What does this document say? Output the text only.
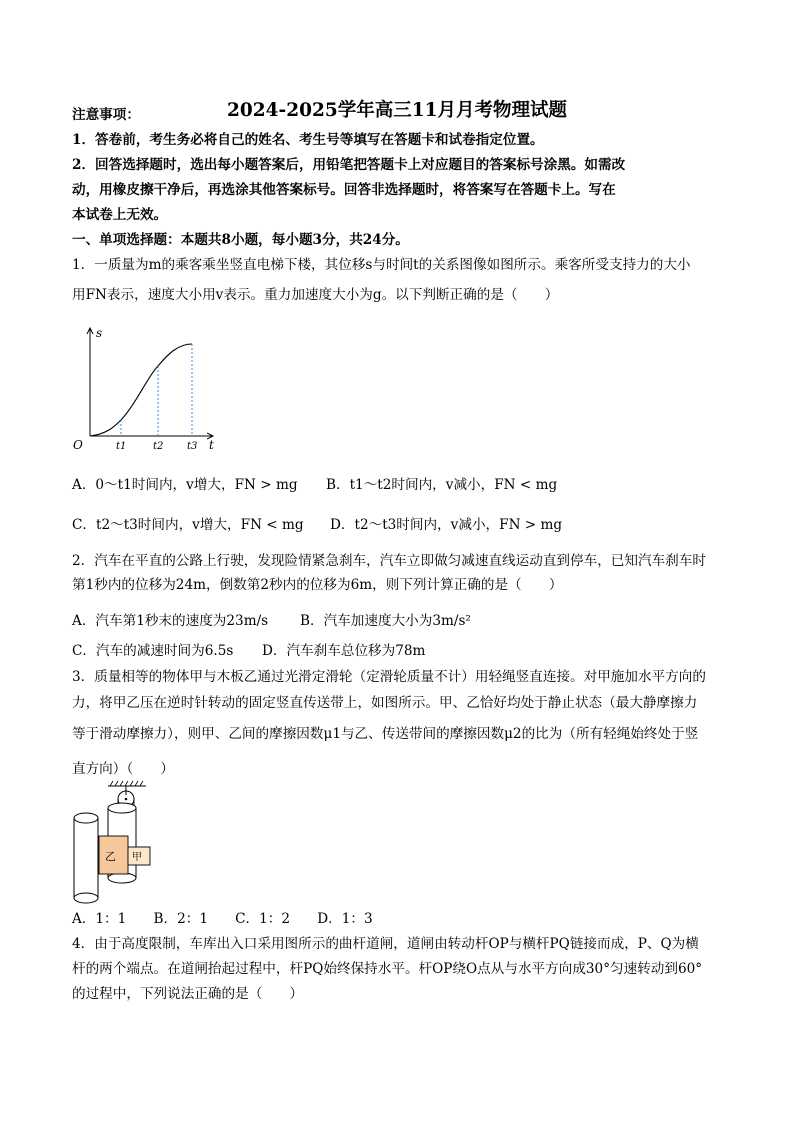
2024-2025学年高三11月月考物理试题
注意事项：
1．答卷前，考生务必将自己的姓名、考生号等填写在答题卡和试卷指定位置。
2．回答选择题时，选出每小题答案后，用铅笔把答题卡上对应题目的答案标号涂黑。如需改
动，用橡皮擦干净后，再选涂其他答案标号。回答非选择题时，将答案写在答题卡上。写在
本试卷上无效。
一、单项选择题：本题共8小题，每小题3分，共24分。
1．一质量为m的乘客乘坐竖直电梯下楼，其位移s与时间t的关系图像如图所示。乘客所受支持力的大小
用FN表示，速度大小用v表示。重力加速度大小为g。以下判断正确的是（　　）
s
O	t
t1	t2 t3
A．0～t1时间内，v增大，FN > mg B．t1～t2时间内，v减小，FN < mg
C．t2～t3时间内，v增大，FN < mg D．t2～t3时间内，v减小，FN > mg
2．汽车在平直的公路上行驶，发现险情紧急刹车，汽车立即做匀减速直线运动直到停车，已知汽车刹车时
第1秒内的位移为24m，倒数第2秒内的位移为6m，则下列计算正确的是（　　）
A．汽车第1秒末的速度为23m/s B．汽车加速度大小为3m/s²
C．汽车的减速时间为6.5s D．汽车刹车总位移为78m
3．质量相等的物体甲与木板乙通过光滑定滑轮（定滑轮质量不计）用轻绳竖直连接。对甲施加水平方向的
力，将甲乙压在逆时针转动的固定竖直传送带上，如图所示。甲、乙恰好均处于静止状态（最大静摩擦力
等于滑动摩擦力），则甲、乙间的摩擦因数μ1与乙、传送带间的摩擦因数μ2的比为（所有轻绳始终处于竖
直方向）（　　）
乙 甲
A．1：1　　B．2：1　　C．1：2　　D．1：3
4．由于高度限制，车库出入口采用图所示的曲杆道闸，道闸由转动杆OP与横杆PQ链接而成，P、Q为横
杆的两个端点。在道闸抬起过程中，杆PQ始终保持水平。杆OP绕O点从与水平方向成30°匀速转动到60°
的过程中，下列说法正确的是（　　）
